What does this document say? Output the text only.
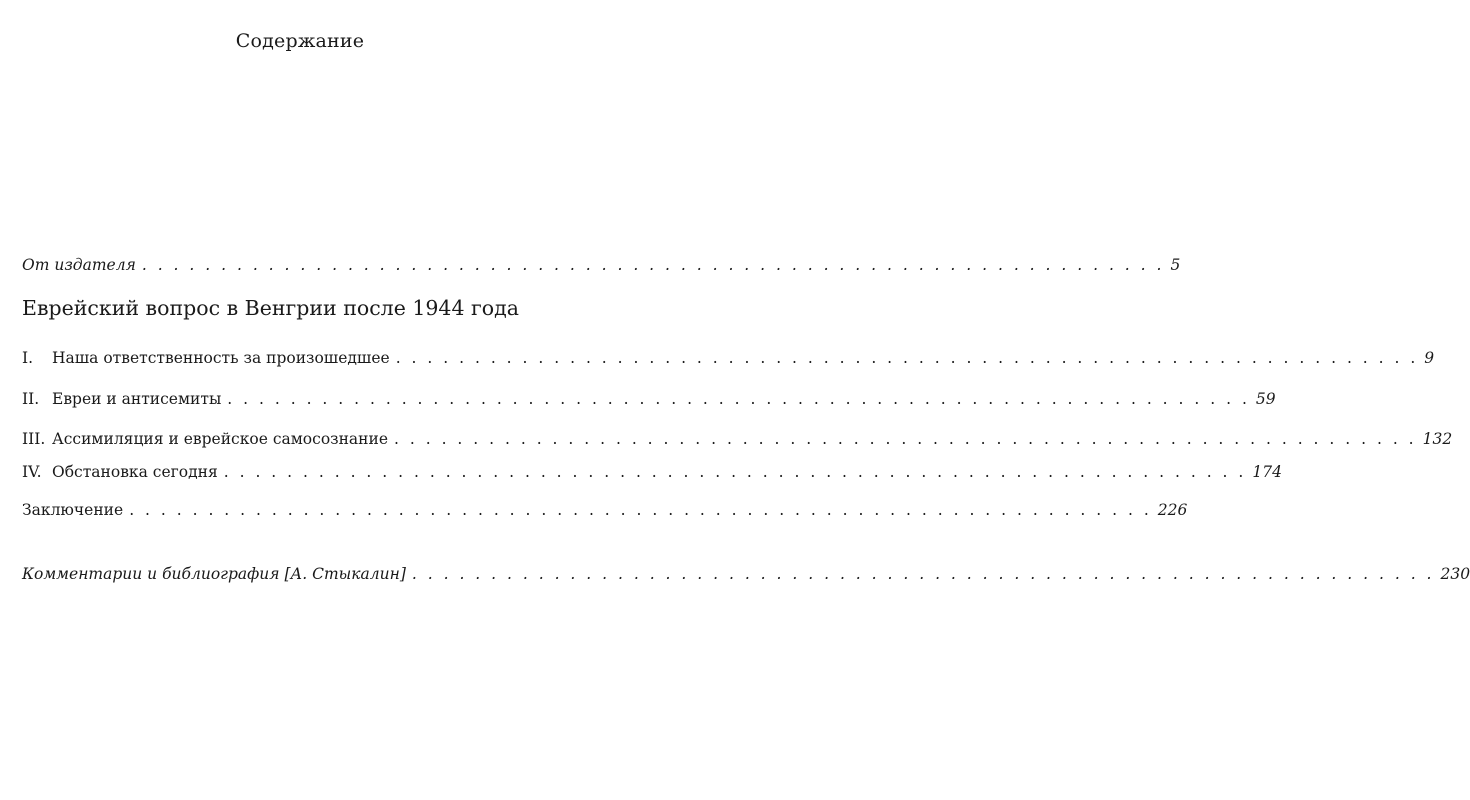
Содержание
От издателя . . . . . . . . . . . . . . . . . . . . . . . . . . . . . . . . . . . . . . . . . . . . . . . . . . . . . . . . . . . . . . . . . 5
Еврейский вопрос в Венгрии после 1944 года
I.	Наша ответственность за произошедшее . . . . . . . . . . . . . . . . . . . . . . . . . . . . . . . . . . . . . . . . . . . . . . . . . . . . . . . . . . . . . . . . . 9
II. Евреи и антисемиты . . . . . . . . . . . . . . . . . . . . . . . . . . . . . . . . . . . . . . . . . . . . . . . . . . . . . . . . . . . . . . . . . 59
III. Ассимиляция и еврейское самосознание . . . . . . . . . . . . . . . . . . . . . . . . . . . . . . . . . . . . . . . . . . . . . . . . . . . . . . . . . . . . . . . . . 132
IV. Обстановка сегодня . . . . . . . . . . . . . . . . . . . . . . . . . . . . . . . . . . . . . . . . . . . . . . . . . . . . . . . . . . . . . . . . . 174
Заключение . . . . . . . . . . . . . . . . . . . . . . . . . . . . . . . . . . . . . . . . . . . . . . . . . . . . . . . . . . . . . . . . . 226
Комментарии и библиография [А. Стыкалин] . . . . . . . . . . . . . . . . . . . . . . . . . . . . . . . . . . . . . . . . . . . . . . . . . . . . . . . . . . . . . . . . . 230
